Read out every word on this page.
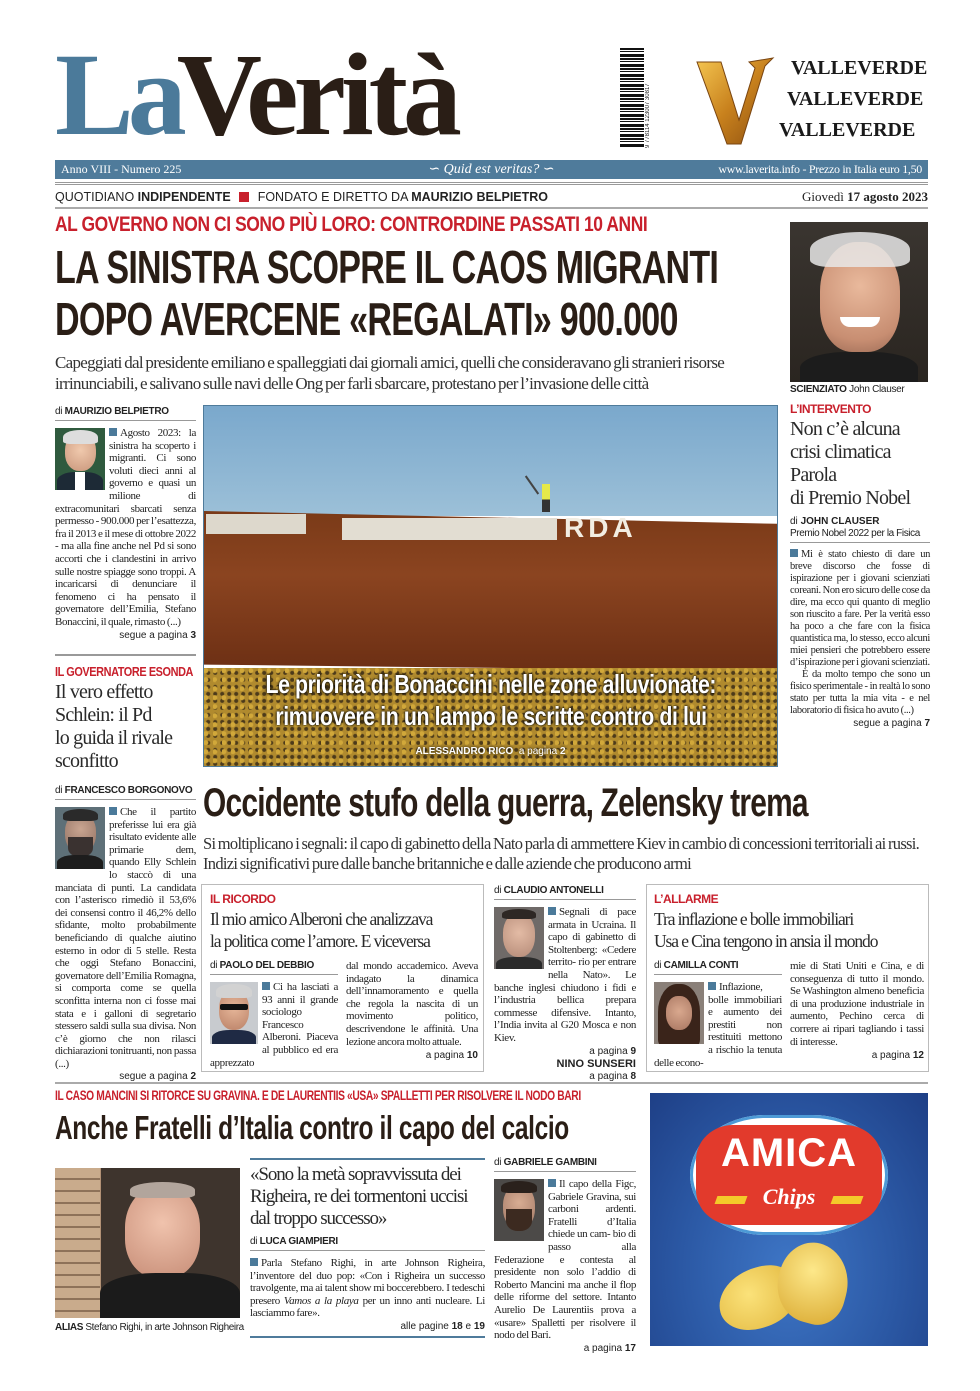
LaVerità	9 778114 123007 30817
VALLEVERDE
VALLEVERDE
VALLEVERDE
Anno VIII - Numero 225	∽ Quid est veritas? ∽	www.laverita.info - Prezzo in Italia euro 1,50
QUOTIDIANO INDIPENDENTE FONDATO E DIRETTO DA MAURIZIO BELPIETRO	Giovedì 17 agosto 2023
AL GOVERNO NON CI SONO PIÙ LORO: CONTRORDINE PASSATI 10 ANNI
LA SINISTRA SCOPRE IL CAOS MIGRANTI
DOPO AVERCENE «REGALATI» 900.000
Capeggiati dal presidente emiliano e spalleggiati dai giornali amici, quelli che consideravano gli stranieri risorse irrinunciabili, e salivano sulle navi delle Ong per farli sbarcare, protestano per l’invasione delle città	SCIENZIATO John Clauser
L’INTERVENTO
Non c’è alcuna
crisi climatica
Parola
di Premio Nobel
di JOHN CLAUSER
Premio Nobel 2022 per la Fisica

Mi è stato chiesto di dare un breve discorso che fosse di ispirazione per i giovani scienziati coreani. Non ero sicuro delle cose da dire, ma ecco qui quanto di meglio son riuscito a fare. Per la verità esso ha poco a che fare con la fisica quantistica ma, lo stesso, ecco alcuni miei pensieri che potrebbero essere d’ispirazione per i giovani scienziati.

È da molto tempo che sono un fisico sperimentale - in realtà lo sono stato per tutta la mia vita - e nel laboratorio di fisica ho avuto (...)

segue a pagina 7
di MAURIZIO BELPIETRO
Agosto 2023: la sinistra ha scoperto i migranti. Ci sono voluti dieci anni al governo e quasi un milione di extracomunitari sbarcati senza permesso - 900.000 per l’esattezza, fra il 2013 e il mese di ottobre 2022 - ma alla fine anche nel Pd si sono accorti che i clandestini in arrivo sulle nostre spiagge sono troppi. A incaricarsi di denunciare il fenomeno ci ha pensato il governatore dell’Emilia, Stefano Bonaccini, il quale, rimasto (...)
segue a pagina 3
IL GOVERNATORE ESONDA
Il vero effetto
Schlein: il Pd
lo guida il rivale
sconfitto
di FRANCESCO BORGONOVO
Che il partito preferisse lui era già risultato evidente alle primarie dem, quando Elly Schlein lo staccò di una manciata di punti. La candidata con l’asterisco rimediò il 53,6% dei consensi contro il 46,2% dello sfidante, molto probabilmente beneficiando di qualche aiutino esterno in odor di 5 stelle. Resta che oggi Stefano Bonaccini, governatore dell’Emilia Romagna, si comporta come se quella sconfitta interna non ci fosse mai stata e i galloni di segretario stessero saldi sulla sua divisa. Non c’è giorno che non rilasci dichiarazioni tonitruanti, non passa (...)
segue a pagina 2
RDA
Le priorità di Bonaccini nelle zone alluvionate:
rimuovere in un lampo le scritte contro di lui
ALESSANDRO RICO a pagina 2
Occidente stufo della guerra, Zelensky trema
Si moltiplicano i segnali: il capo di gabinetto della Nato parla di ammettere Kiev in cambio di concessioni territoriali ai russi. Indizi significativi pure dalle banche britanniche e dalle aziende che producono armi
IL RICORDO
Il mio amico Alberoni che analizzava
la politica come l’amore. E viceversa
di PAOLO DEL DEBBIO
Ci ha lasciati a 93 anni il grande sociologo Francesco Alberoni. Piaceva al pubblico ed era apprezzato
dal mondo accademico. Aveva indagato la dinamica dell’innamoramento e quella che regola la nascita di un movimento politico, descrivendone le affinità. Una lezione ancora molto attuale.
a pagina 10
di CLAUDIO ANTONELLI
Segnali di pace armata in Ucraina. Il capo di gabinetto di Stoltenberg: «Cedere territo- rio per entrare nella Nato». Le banche inglesi chiudono i fidi e l’industria bellica prepara commesse difensive. Intanto, l’India invita al G20 Mosca e non Kiev.
a pagina 9
NINO SUNSERI
a pagina 8
L’ALLARME
Tra inflazione e bolle immobiliari
Usa e Cina tengono in ansia il mondo
di CAMILLA CONTI
Inflazione, bolle immobiliari e aumento dei prestiti non restituiti mettono a rischio la tenuta delle econo-
mie di Stati Uniti e Cina, e di conseguenza di tutto il mondo. Se Washington almeno beneficia di una produzione industriale in aumento, Pechino cerca di correre ai ripari tagliando i tassi di interesse.
a pagina 12
IL CASO MANCINI SI RITORCE SU GRAVINA. E DE LAURENTIIS «USA» SPALLETTI PER RISOLVERE IL NODO BARI
Anche Fratelli d’Italia contro il capo del calcio
ALIAS Stefano Righi, in arte Johnson Righeira
«Sono la metà sopravvissuta dei Righeira, re dei tormentoni uccisi dal troppo successo»
di LUCA GIAMPIERI
Parla Stefano Righi, in arte Johnson Righeira, l’inventore del duo pop: «Con i Righeira un successo travolgente, ma ai talent show mi boccerebbero. I tedeschi presero Vamos a la playa per un inno anti nucleare. Li lasciammo fare».
alle pagine 18 e 19
di GABRIELE GAMBINI
Il capo della Figc, Gabriele Gravina, sui carboni ardenti. Fratelli d’Italia chiede un cam- bio di passo alla Federazione e contesta al presidente non solo l’addio di Roberto Mancini ma anche il flop delle riforme del settore. Intanto Aurelio De Laurentiis prova a «usare» Spalletti per risolvere il nodo del Bari.
a pagina 17
AMICA
Chips
